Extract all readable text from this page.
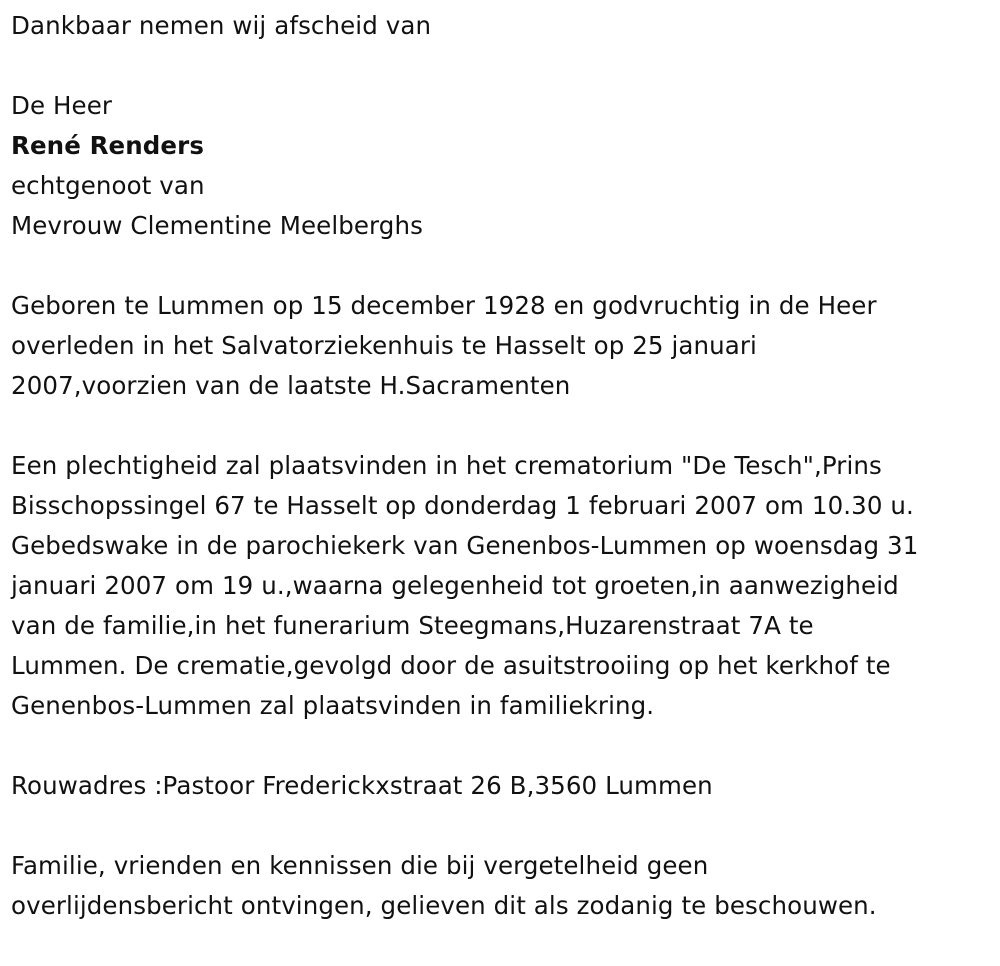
Dankbaar nemen wij afscheid van
De Heer
René Renders
echtgenoot van
Mevrouw Clementine Meelberghs
Geboren te Lummen op 15 december 1928 en godvruchtig in de Heer
overleden in het Salvatorziekenhuis te Hasselt op 25 januari
2007,voorzien van de laatste H.Sacramenten
Een plechtigheid zal plaatsvinden in het crematorium "De Tesch",Prins
Bisschopssingel 67 te Hasselt op donderdag 1 februari 2007 om 10.30 u.
Gebedswake in de parochiekerk van Genenbos-Lummen op woensdag 31
januari 2007 om 19 u.,waarna gelegenheid tot groeten,in aanwezigheid
van de familie,in het funerarium Steegmans,Huzarenstraat 7A te
Lummen. De crematie,gevolgd door de asuitstrooiing op het kerkhof te
Genenbos-Lummen zal plaatsvinden in familiekring.
Rouwadres :Pastoor Frederickxstraat 26 B,3560 Lummen
Familie, vrienden en kennissen die bij vergetelheid geen
overlijdensbericht ontvingen, gelieven dit als zodanig te beschouwen.
